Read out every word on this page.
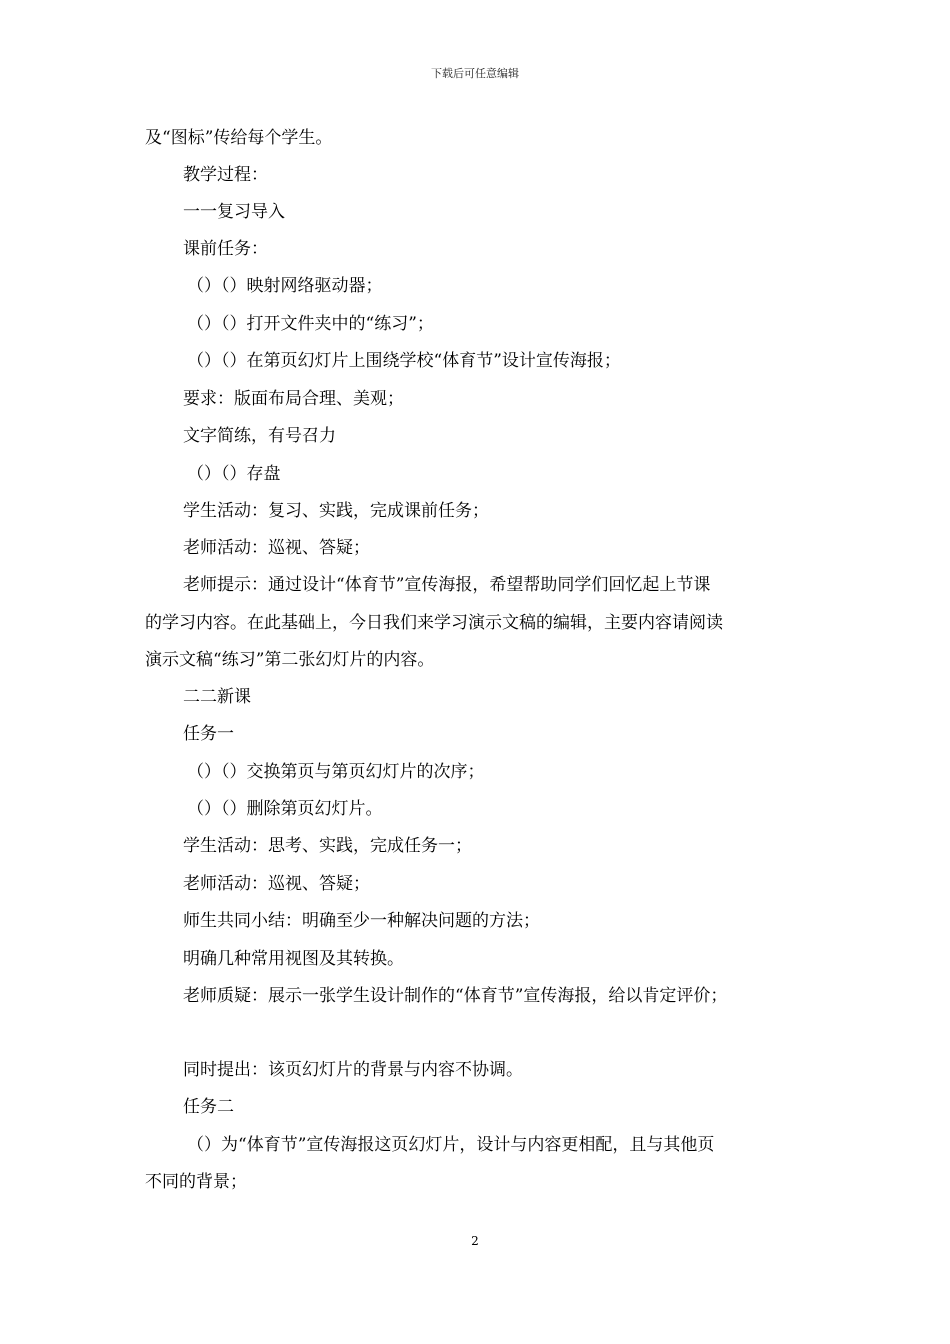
下载后可任意编辑
及“图标”传给每个学生。
教学过程：
一一复习导入
课前任务：
（）（）映射网络驱动器；
（）（）打开文件夹中的“练习”；
（）（）在第页幻灯片上围绕学校“体育节”设计宣传海报；
要求：版面布局合理、美观；
文字简练，有号召力
（）（）存盘
学生活动：复习、实践，完成课前任务；
老师活动：巡视、答疑；
老师提示：通过设计“体育节”宣传海报，希望帮助同学们回忆起上节课
的学习内容。在此基础上，今日我们来学习演示文稿的编辑，主要内容请阅读
演示文稿“练习”第二张幻灯片的内容。
二二新课
任务一
（）（）交换第页与第页幻灯片的次序；
（）（）删除第页幻灯片。
学生活动：思考、实践，完成任务一；
老师活动：巡视、答疑；
师生共同小结：明确至少一种解决问题的方法；
明确几种常用视图及其转换。
老师质疑：展示一张学生设计制作的“体育节”宣传海报，给以肯定评价；
同时提出：该页幻灯片的背景与内容不协调。
任务二
（）为“体育节”宣传海报这页幻灯片，设计与内容更相配，且与其他页
不同的背景；
2
